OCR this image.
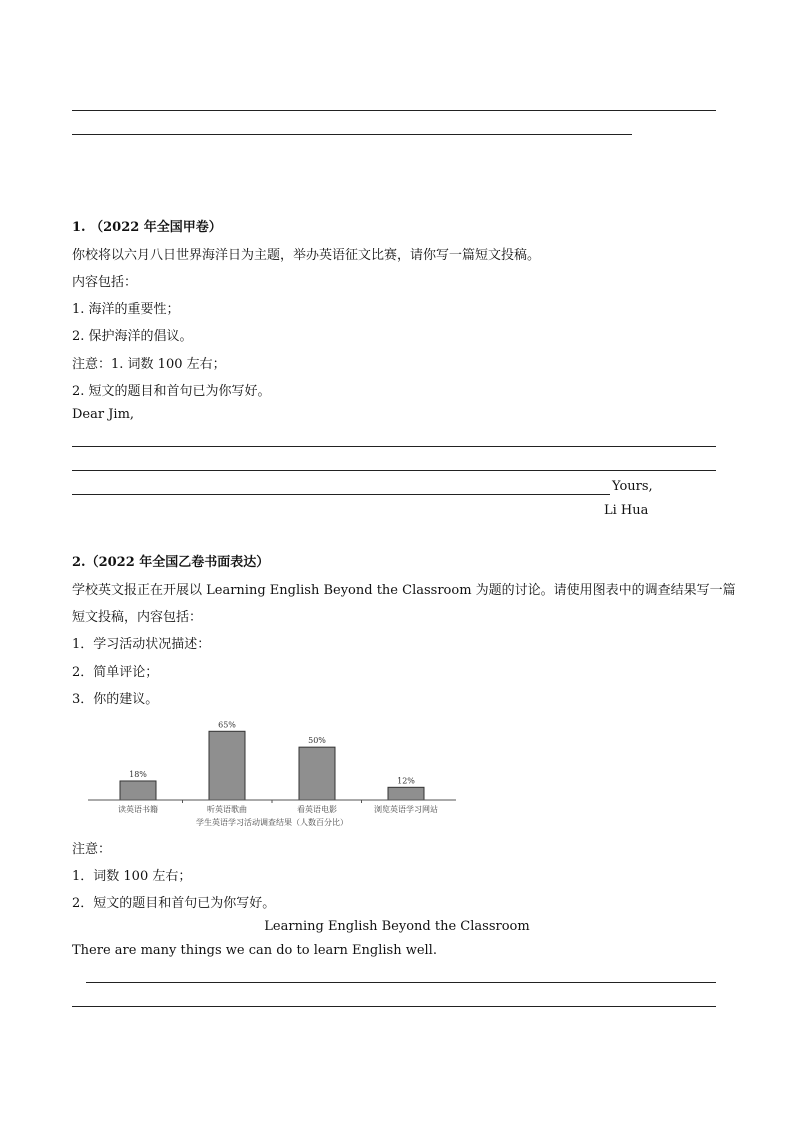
1. （2022 年全国甲卷）
你校将以六月八日世界海洋日为主题，举办英语征文比赛，请你写一篇短文投稿。
内容包括：
1. 海洋的重要性；
2. 保护海洋的倡议。
注意：1. 词数 100 左右；
2. 短文的题目和首句已为你写好。
Dear Jim,
Yours,
Li Hua
2.（2022 年全国乙卷书面表达）
学校英文报正在开展以 Learning English Beyond the Classroom 为题的讨论。请使用图表中的调查结果写一篇
短文投稿，内容包括：
1．学习活动状况描述：
2．简单评论；
3．你的建议。
18%
65%
50%
12%
读英语书籍	听英语歌曲	看英语电影	浏览英语学习网站
学生英语学习活动调查结果（人数百分比）
注意：
1．词数 100 左右；
2．短文的题目和首句已为你写好。
Learning English Beyond the Classroom
There are many things we can do to learn English well.
